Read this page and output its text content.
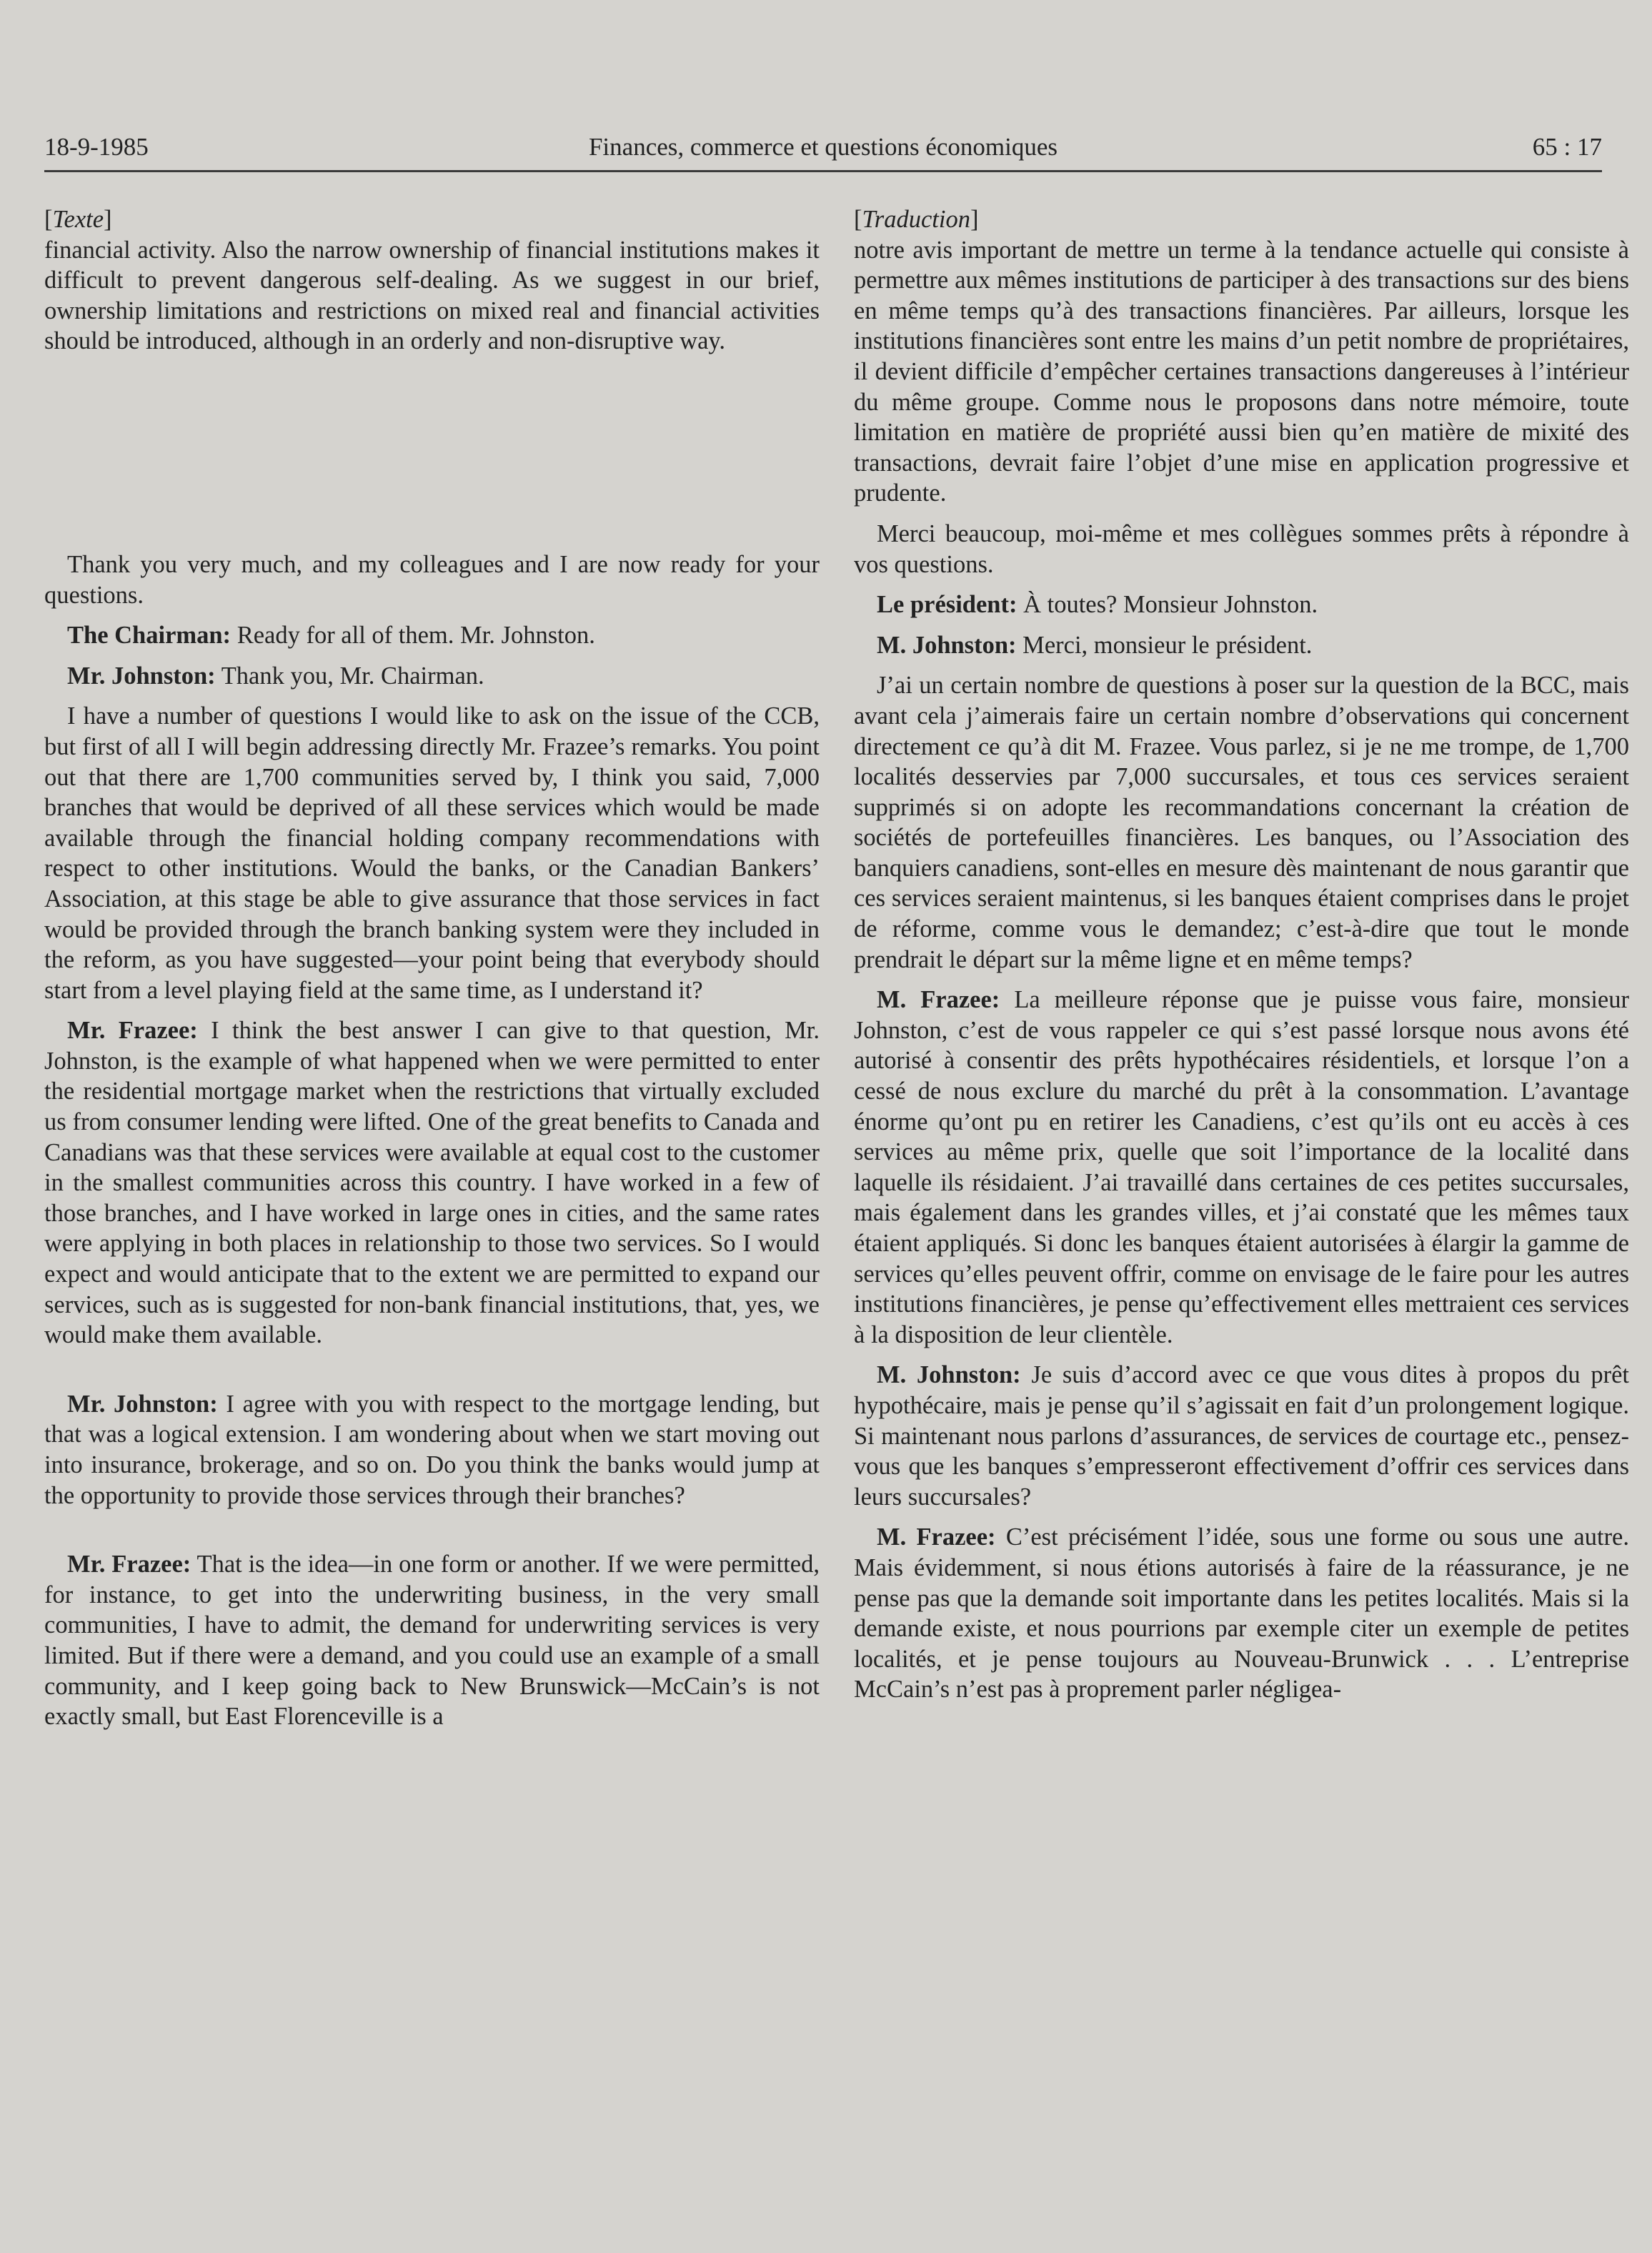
18-9-1985	Finances, commerce et questions économiques	65 : 17

[Texte]

financial activity. Also the narrow ownership of financial institutions makes it difficult to prevent dangerous self-dealing. As we suggest in our brief, ownership limitations and restrictions on mixed real and financial activities should be introduced, although in an orderly and non-disruptive way.

Thank you very much, and my colleagues and I are now ready for your questions.

The Chairman: Ready for all of them. Mr. Johnston.

Mr. Johnston: Thank you, Mr. Chairman.

I have a number of questions I would like to ask on the issue of the CCB, but first of all I will begin addressing directly Mr. Frazee’s remarks. You point out that there are 1,700 communities served by, I think you said, 7,000 branches that would be deprived of all these services which would be made available through the financial holding company recommendations with respect to other institutions. Would the banks, or the Canadian Bankers’ Association, at this stage be able to give assurance that those services in fact would be provided through the branch banking system were they included in the reform, as you have suggested—your point being that everybody should start from a level playing field at the same time, as I understand it?

Mr. Frazee: I think the best answer I can give to that question, Mr. Johnston, is the example of what happened when we were permitted to enter the residential mortgage market when the restrictions that virtually excluded us from consumer lending were lifted. One of the great benefits to Canada and Canadians was that these services were available at equal cost to the customer in the smallest communities across this country. I have worked in a few of those branches, and I have worked in large ones in cities, and the same rates were applying in both places in relationship to those two services. So I would expect and would anticipate that to the extent we are permitted to expand our services, such as is suggested for non-bank financial institutions, that, yes, we would make them available.

Mr. Johnston: I agree with you with respect to the mortgage lending, but that was a logical extension. I am wondering about when we start moving out into insurance, brokerage, and so on. Do you think the banks would jump at the opportunity to provide those services through their branches?

Mr. Frazee: That is the idea—in one form or another. If we were permitted, for instance, to get into the underwriting business, in the very small communities, I have to admit, the demand for underwriting services is very limited. But if there were a demand, and you could use an example of a small community, and I keep going back to New Brunswick—McCain’s is not exactly small, but East Florenceville is a

[Traduction]

notre avis important de mettre un terme à la tendance actuelle qui consiste à permettre aux mêmes institutions de participer à des transactions sur des biens en même temps qu’à des transactions financières. Par ailleurs, lorsque les institutions financières sont entre les mains d’un petit nombre de propriétaires, il devient difficile d’empêcher certaines transactions dangereuses à l’intérieur du même groupe. Comme nous le proposons dans notre mémoire, toute limitation en matière de propriété aussi bien qu’en matière de mixité des transactions, devrait faire l’objet d’une mise en application progressive et prudente.

Merci beaucoup, moi-même et mes collègues sommes prêts à répondre à vos questions.

Le président: À toutes? Monsieur Johnston.

M. Johnston: Merci, monsieur le président.

J’ai un certain nombre de questions à poser sur la question de la BCC, mais avant cela j’aimerais faire un certain nombre d’observations qui concernent directement ce qu’à dit M. Frazee. Vous parlez, si je ne me trompe, de 1,700 localités desservies par 7,000 succursales, et tous ces services seraient supprimés si on adopte les recommandations concernant la création de sociétés de portefeuilles financières. Les banques, ou l’Association des banquiers canadiens, sont-elles en mesure dès maintenant de nous garantir que ces services seraient maintenus, si les banques étaient comprises dans le projet de réforme, comme vous le demandez; c’est-à-dire que tout le monde prendrait le départ sur la même ligne et en même temps?

M. Frazee: La meilleure réponse que je puisse vous faire, monsieur Johnston, c’est de vous rappeler ce qui s’est passé lorsque nous avons été autorisé à consentir des prêts hypothécaires résidentiels, et lorsque l’on a cessé de nous exclure du marché du prêt à la consommation. L’avantage énorme qu’ont pu en retirer les Canadiens, c’est qu’ils ont eu accès à ces services au même prix, quelle que soit l’importance de la localité dans laquelle ils résidaient. J’ai travaillé dans certaines de ces petites succursales, mais également dans les grandes villes, et j’ai constaté que les mêmes taux étaient appliqués. Si donc les banques étaient autorisées à élargir la gamme de services qu’elles peuvent offrir, comme on envisage de le faire pour les autres institutions financières, je pense qu’effectivement elles mettraient ces services à la disposition de leur clientèle.

M. Johnston: Je suis d’accord avec ce que vous dites à propos du prêt hypothécaire, mais je pense qu’il s’agissait en fait d’un prolongement logique. Si maintenant nous parlons d’assurances, de services de courtage etc., pensez-vous que les banques s’empresseront effectivement d’offrir ces services dans leurs succursales?

M. Frazee: C’est précisément l’idée, sous une forme ou sous une autre. Mais évidemment, si nous étions autorisés à faire de la réassurance, je ne pense pas que la demande soit importante dans les petites localités. Mais si la demande existe, et nous pourrions par exemple citer un exemple de petites localités, et je pense toujours au Nouveau-Brunwick . . . L’entreprise McCain’s n’est pas à proprement parler négligea-
